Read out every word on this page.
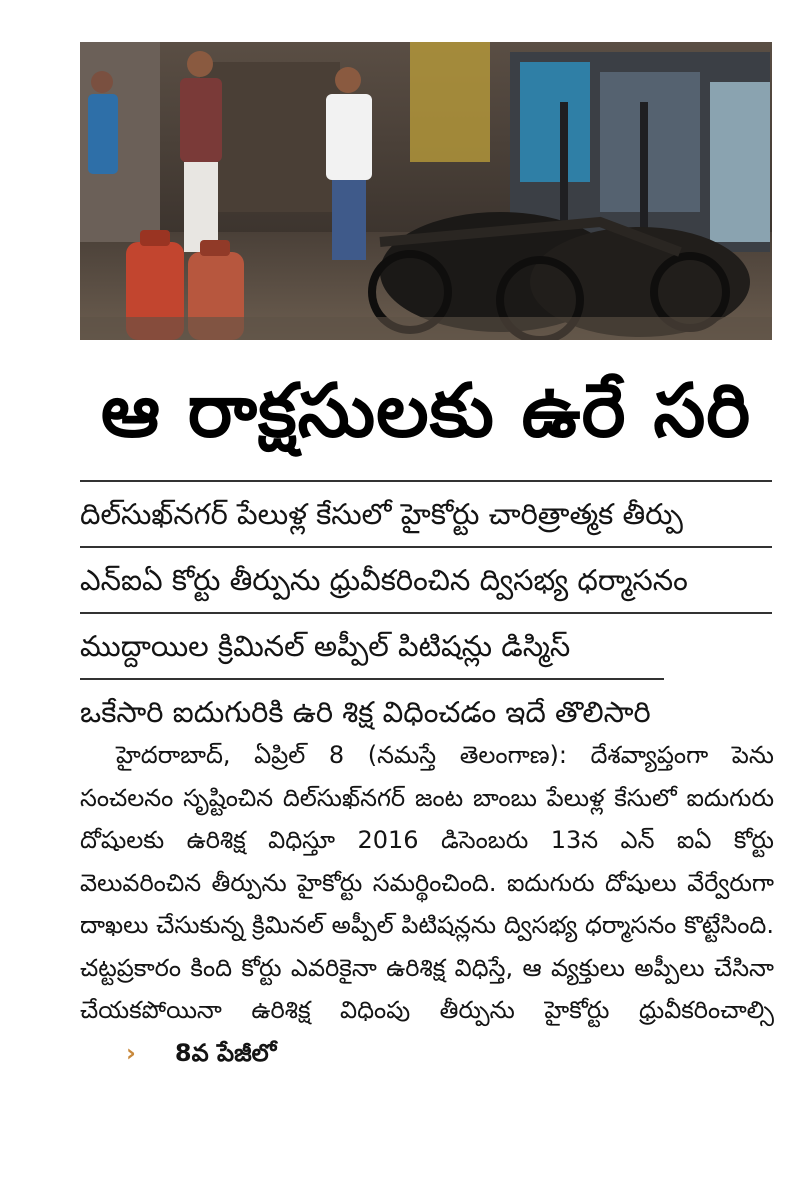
ఆ రాక్షసులకు ఉరే సరి
దిల్‌సుఖ్‌నగర్ పేలుళ్ల కేసులో హైకోర్టు చారిత్రాత్మక తీర్పు
ఎన్‌ఐఏ కోర్టు తీర్పును ధ్రువీకరించిన ద్విసభ్య ధర్మాసనం
ముద్దాయిల క్రిమినల్ అప్పీల్ పిటిషన్లు డిస్మిస్
ఒకేసారి ఐదుగురికి ఉరి శిక్ష విధించడం ఇదే తొలిసారి

హైదరాబాద్, ఏప్రిల్ 8 (నమస్తే తెలంగాణ): దేశవ్యాప్తంగా పెను సంచలనం సృష్టించిన దిల్‌సుఖ్‌నగర్ జంట బాంబు పేలుళ్ల కేసులో ఐదుగురు దోషులకు ఉరిశిక్ష విధిస్తూ 2016 డిసెంబరు 13న ఎన్ ఐఏ కోర్టు వెలువరించిన తీర్పును హైకోర్టు సమర్థించింది. ఐదుగురు దోషులు వేర్వేరుగా దాఖలు చేసుకున్న క్రిమినల్ అప్పీల్ పిటిషన్లను ద్విసభ్య ధర్మాసనం కొట్టేసింది. చట్టప్రకారం కింది కోర్టు ఎవరికైనా ఉరిశిక్ష విధిస్తే, ఆ వ్యక్తులు అప్పీలు చేసినా చేయకపోయినా ఉరిశిక్ష విధింపు తీర్పును హైకోర్టు ధ్రువీకరించాల్సి
›	8వ పేజీలో
